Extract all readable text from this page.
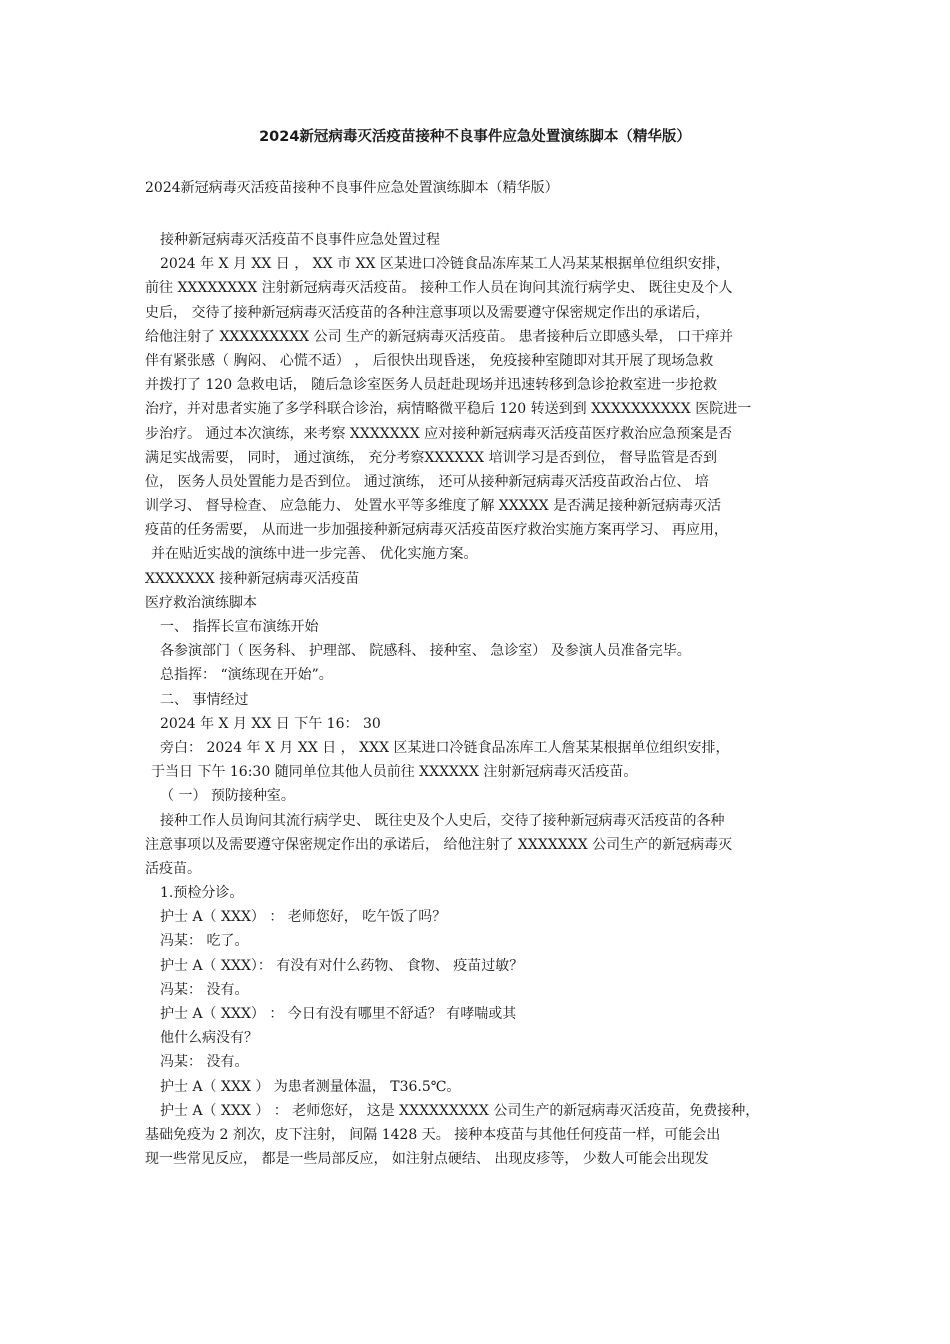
2024新冠病毒灭活疫苗接种不良事件应急处置演练脚本（精华版）
2024新冠病毒灭活疫苗接种不良事件应急处置演练脚本（精华版）
接种新冠病毒灭活疫苗不良事件应急处置过程
2024 年 X 月 XX 日 ， XX 市 XX 区某进口冷链食品冻库某工人冯某某根据单位组织安排，
前往 XXXXXXXX 注射新冠病毒灭活疫苗。 接种工作人员在询问其流行病学史、 既往史及个人
史后， 交待了接种新冠病毒灭活疫苗的各种注意事项以及需要遵守保密规定作出的承诺后，
给他注射了 XXXXXXXXX 公司 生产的新冠病毒灭活疫苗。 患者接种后立即感头晕， 口干痒并
伴有紧张感（ 胸闷、 心慌不适） ， 后很快出现昏迷， 免疫接种室随即对其开展了现场急救
并拨打了 120 急救电话， 随后急诊室医务人员赶赴现场并迅速转移到急诊抢救室进一步抢救
治疗，并对患者实施了多学科联合诊治，病情略微平稳后 120 转送到到 XXXXXXXXXX 医院进一
步治疗。 通过本次演练，来考察 XXXXXXX 应对接种新冠病毒灭活疫苗医疗救治应急预案是否
满足实战需要， 同时， 通过演练， 充分考察XXXXXX 培训学习是否到位， 督导监管是否到
位， 医务人员处置能力是否到位。 通过演练， 还可从接种新冠病毒灭活疫苗政治占位、 培
训学习、 督导检查、 应急能力、 处置水平等多维度了解 XXXXX 是否满足接种新冠病毒灭活
疫苗的任务需要， 从而进一步加强接种新冠病毒灭活疫苗医疗救治实施方案再学习、 再应用，
并在贴近实战的演练中进一步完善、 优化实施方案。
XXXXXXX 接种新冠病毒灭活疫苗
医疗救治演练脚本
一、 指挥长宣布演练开始
各参演部门（ 医务科、 护理部、 院感科、 接种室、 急诊室） 及参演人员准备完毕。
总指挥： “演练现在开始”。
二、 事情经过
2024 年 X 月 XX 日 下午 16： 30
旁白： 2024 年 X 月 XX 日 ， XXX 区某进口冷链食品冻库工人詹某某根据单位组织安排，
于当日 下午 16:30 随同单位其他人员前往 XXXXXX 注射新冠病毒灭活疫苗。
（ 一） 预防接种室。
接种工作人员询问其流行病学史、 既往史及个人史后，交待了接种新冠病毒灭活疫苗的各种
注意事项以及需要遵守保密规定作出的承诺后， 给他注射了 XXXXXXX 公司生产的新冠病毒灭
活疫苗。
1.预检分诊。
护士 A（ XXX） ： 老师您好， 吃午饭了吗？
冯某： 吃了。
护士 A（ XXX）： 有没有对什么药物、 食物、 疫苗过敏？
冯某： 没有。
护士 A（ XXX） ： 今日有没有哪里不舒适？ 有哮喘或其
他什么病没有？
冯某： 没有。
护士 A（ XXX ） 为患者测量体温， T36.5℃。
护士 A（ XXX ） ： 老师您好， 这是 XXXXXXXXX 公司生产的新冠病毒灭活疫苗，免费接种，
基础免疫为 2 剂次，皮下注射， 间隔 1428 天。 接种本疫苗与其他任何疫苗一样，可能会出
现一些常见反应， 都是一些局部反应， 如注射点硬结、 出现皮疹等， 少数人可能会出现发
